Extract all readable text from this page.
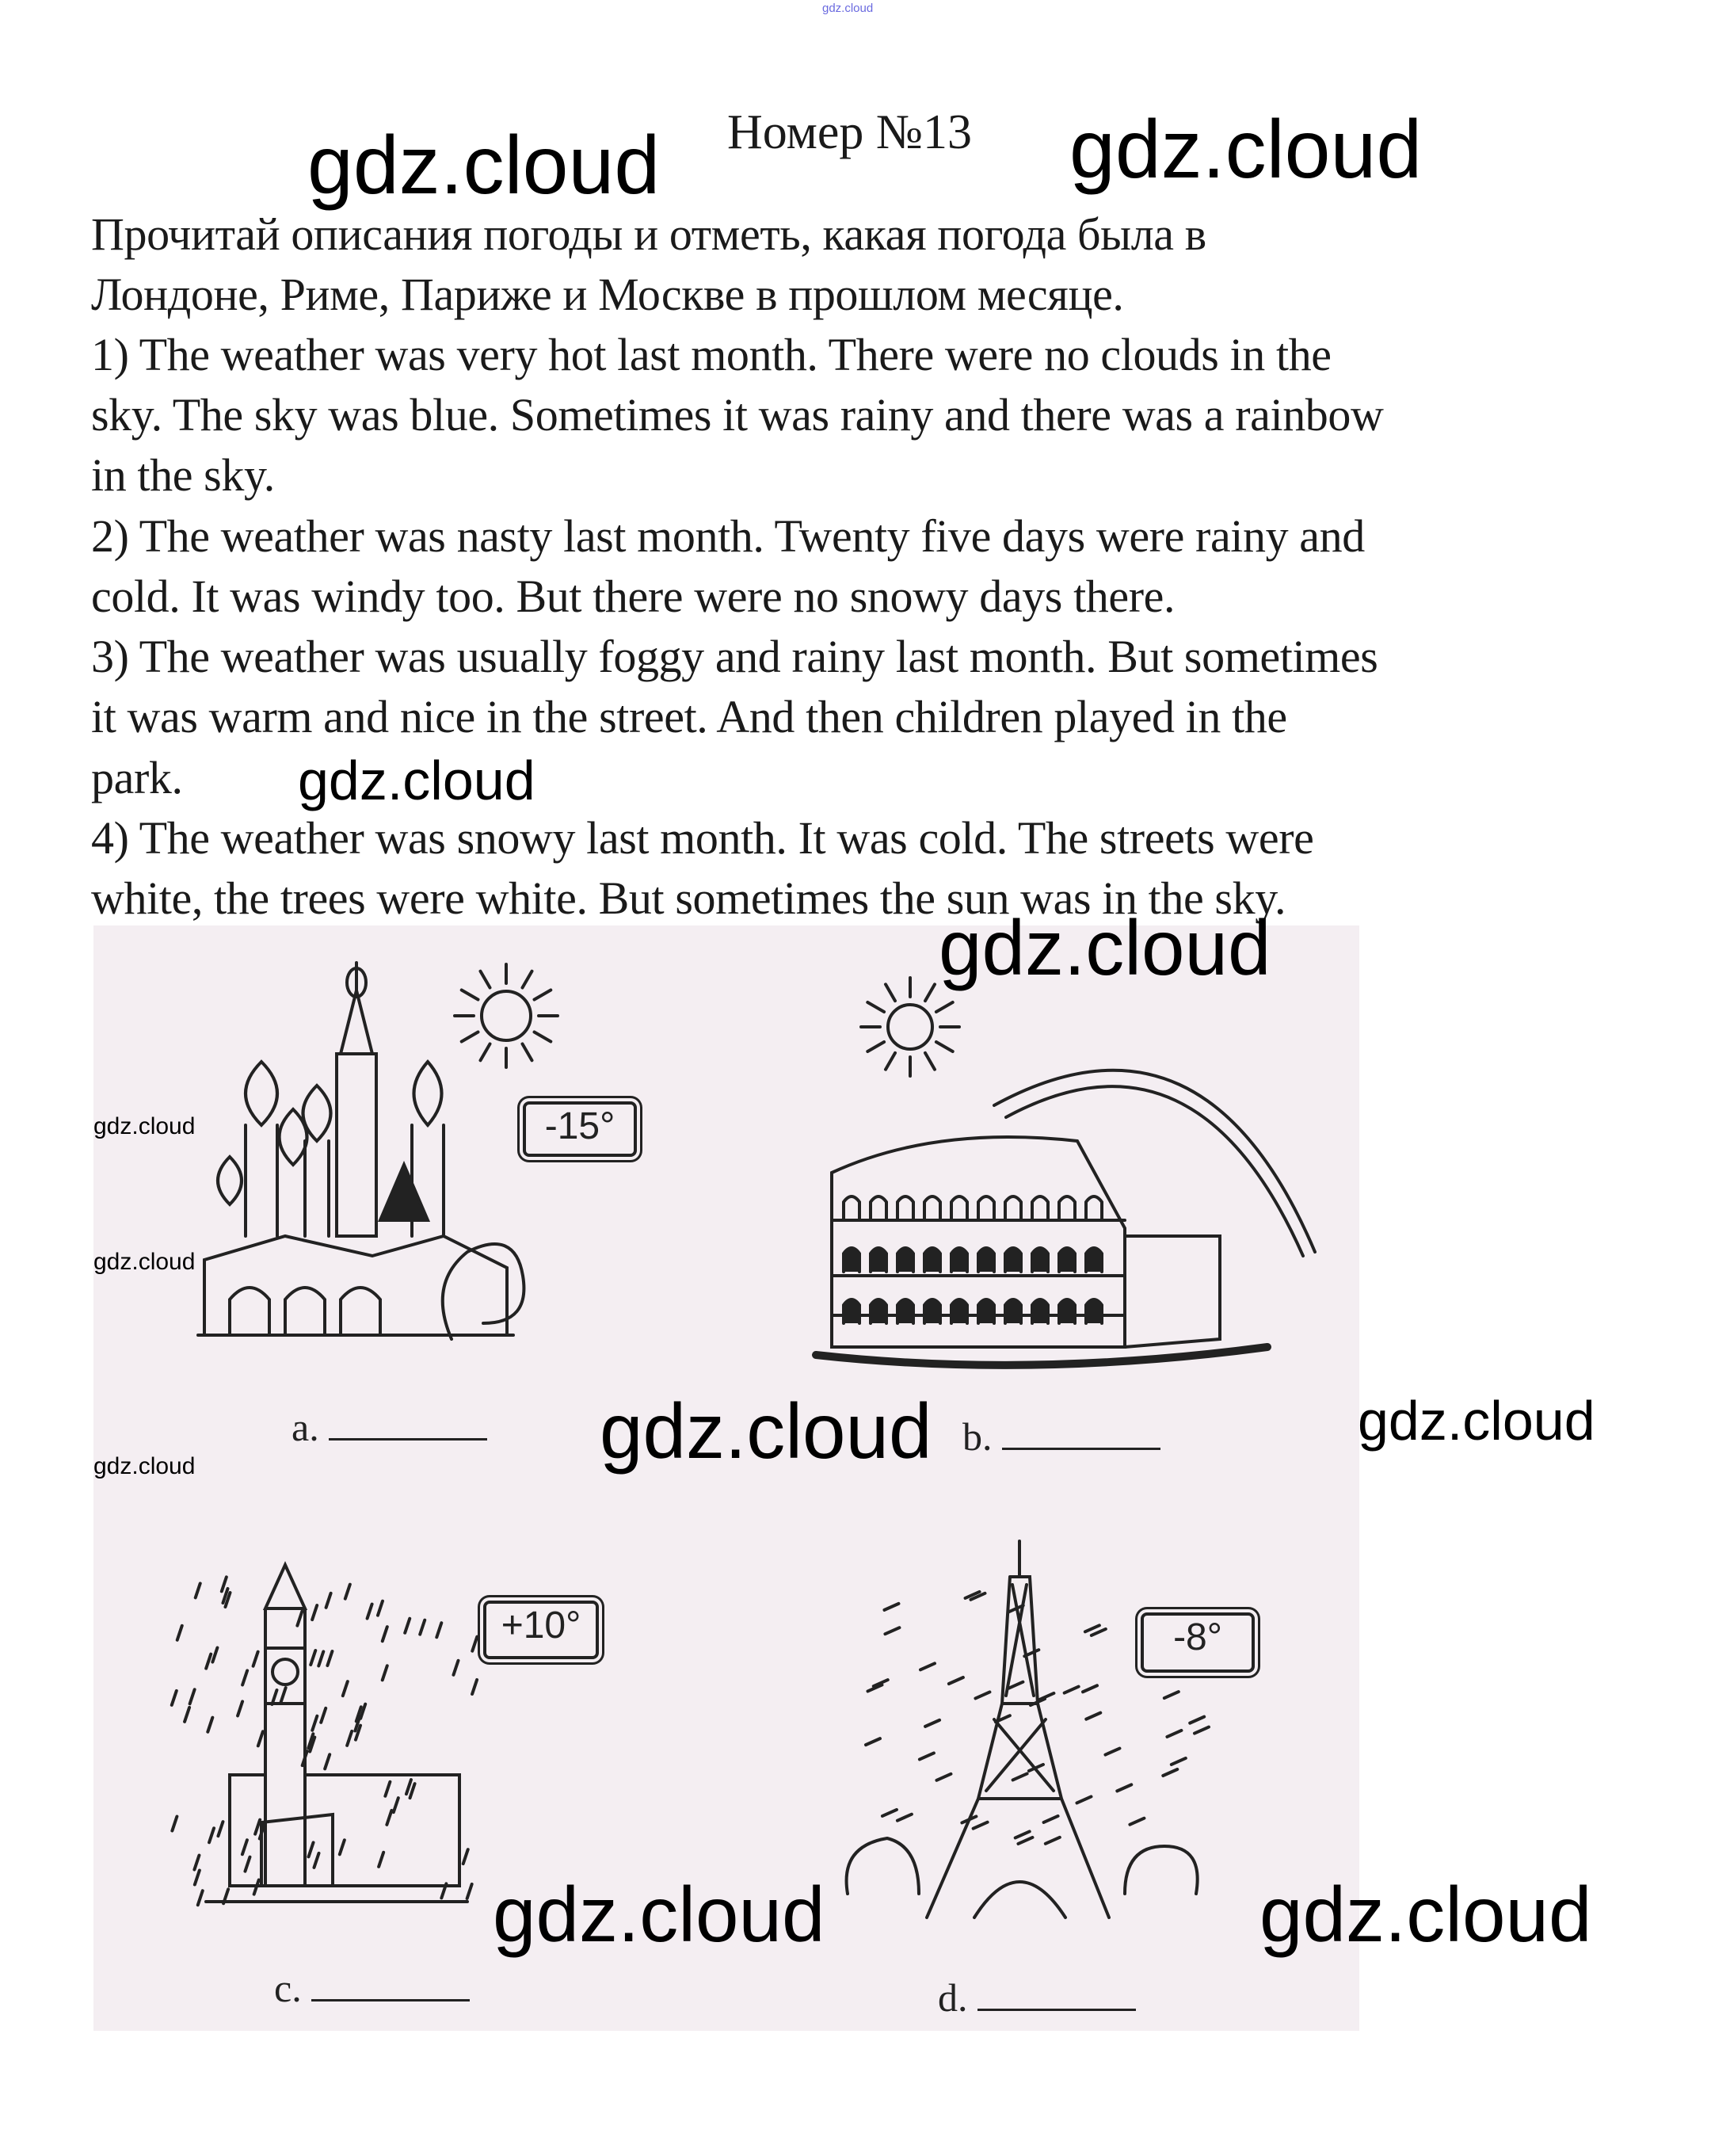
gdz.cloud
Номер №13
Прочитай описания погоды и отметь, какая погода была в
Лондоне, Риме, Париже и Москве в прошлом месяце.
1) The weather was very hot last month. There were no clouds in the
sky. The sky was blue. Sometimes it was rainy and there was a rainbow
in the sky.
2) The weather was nasty last month. Twenty five days were rainy and
cold. It was windy too. But there were no snowy days there.
3) The weather was usually foggy and rainy last month. But sometimes
it was warm and nice in the street. And then children played in the
park.
4) The weather was snowy last month. It was cold. The streets were
white, the trees were white. But sometimes the sun was in the sky.
-15°
+10°	-8°
a.	b.
c.	d.
gdz.cloud	gdz.cloud
gdz.cloud
gdz.cloud
gdz.cloud	gdz.cloud
gdz.cloud	gdz.cloud
gdz.cloud
gdz.cloud
gdz.cloud
